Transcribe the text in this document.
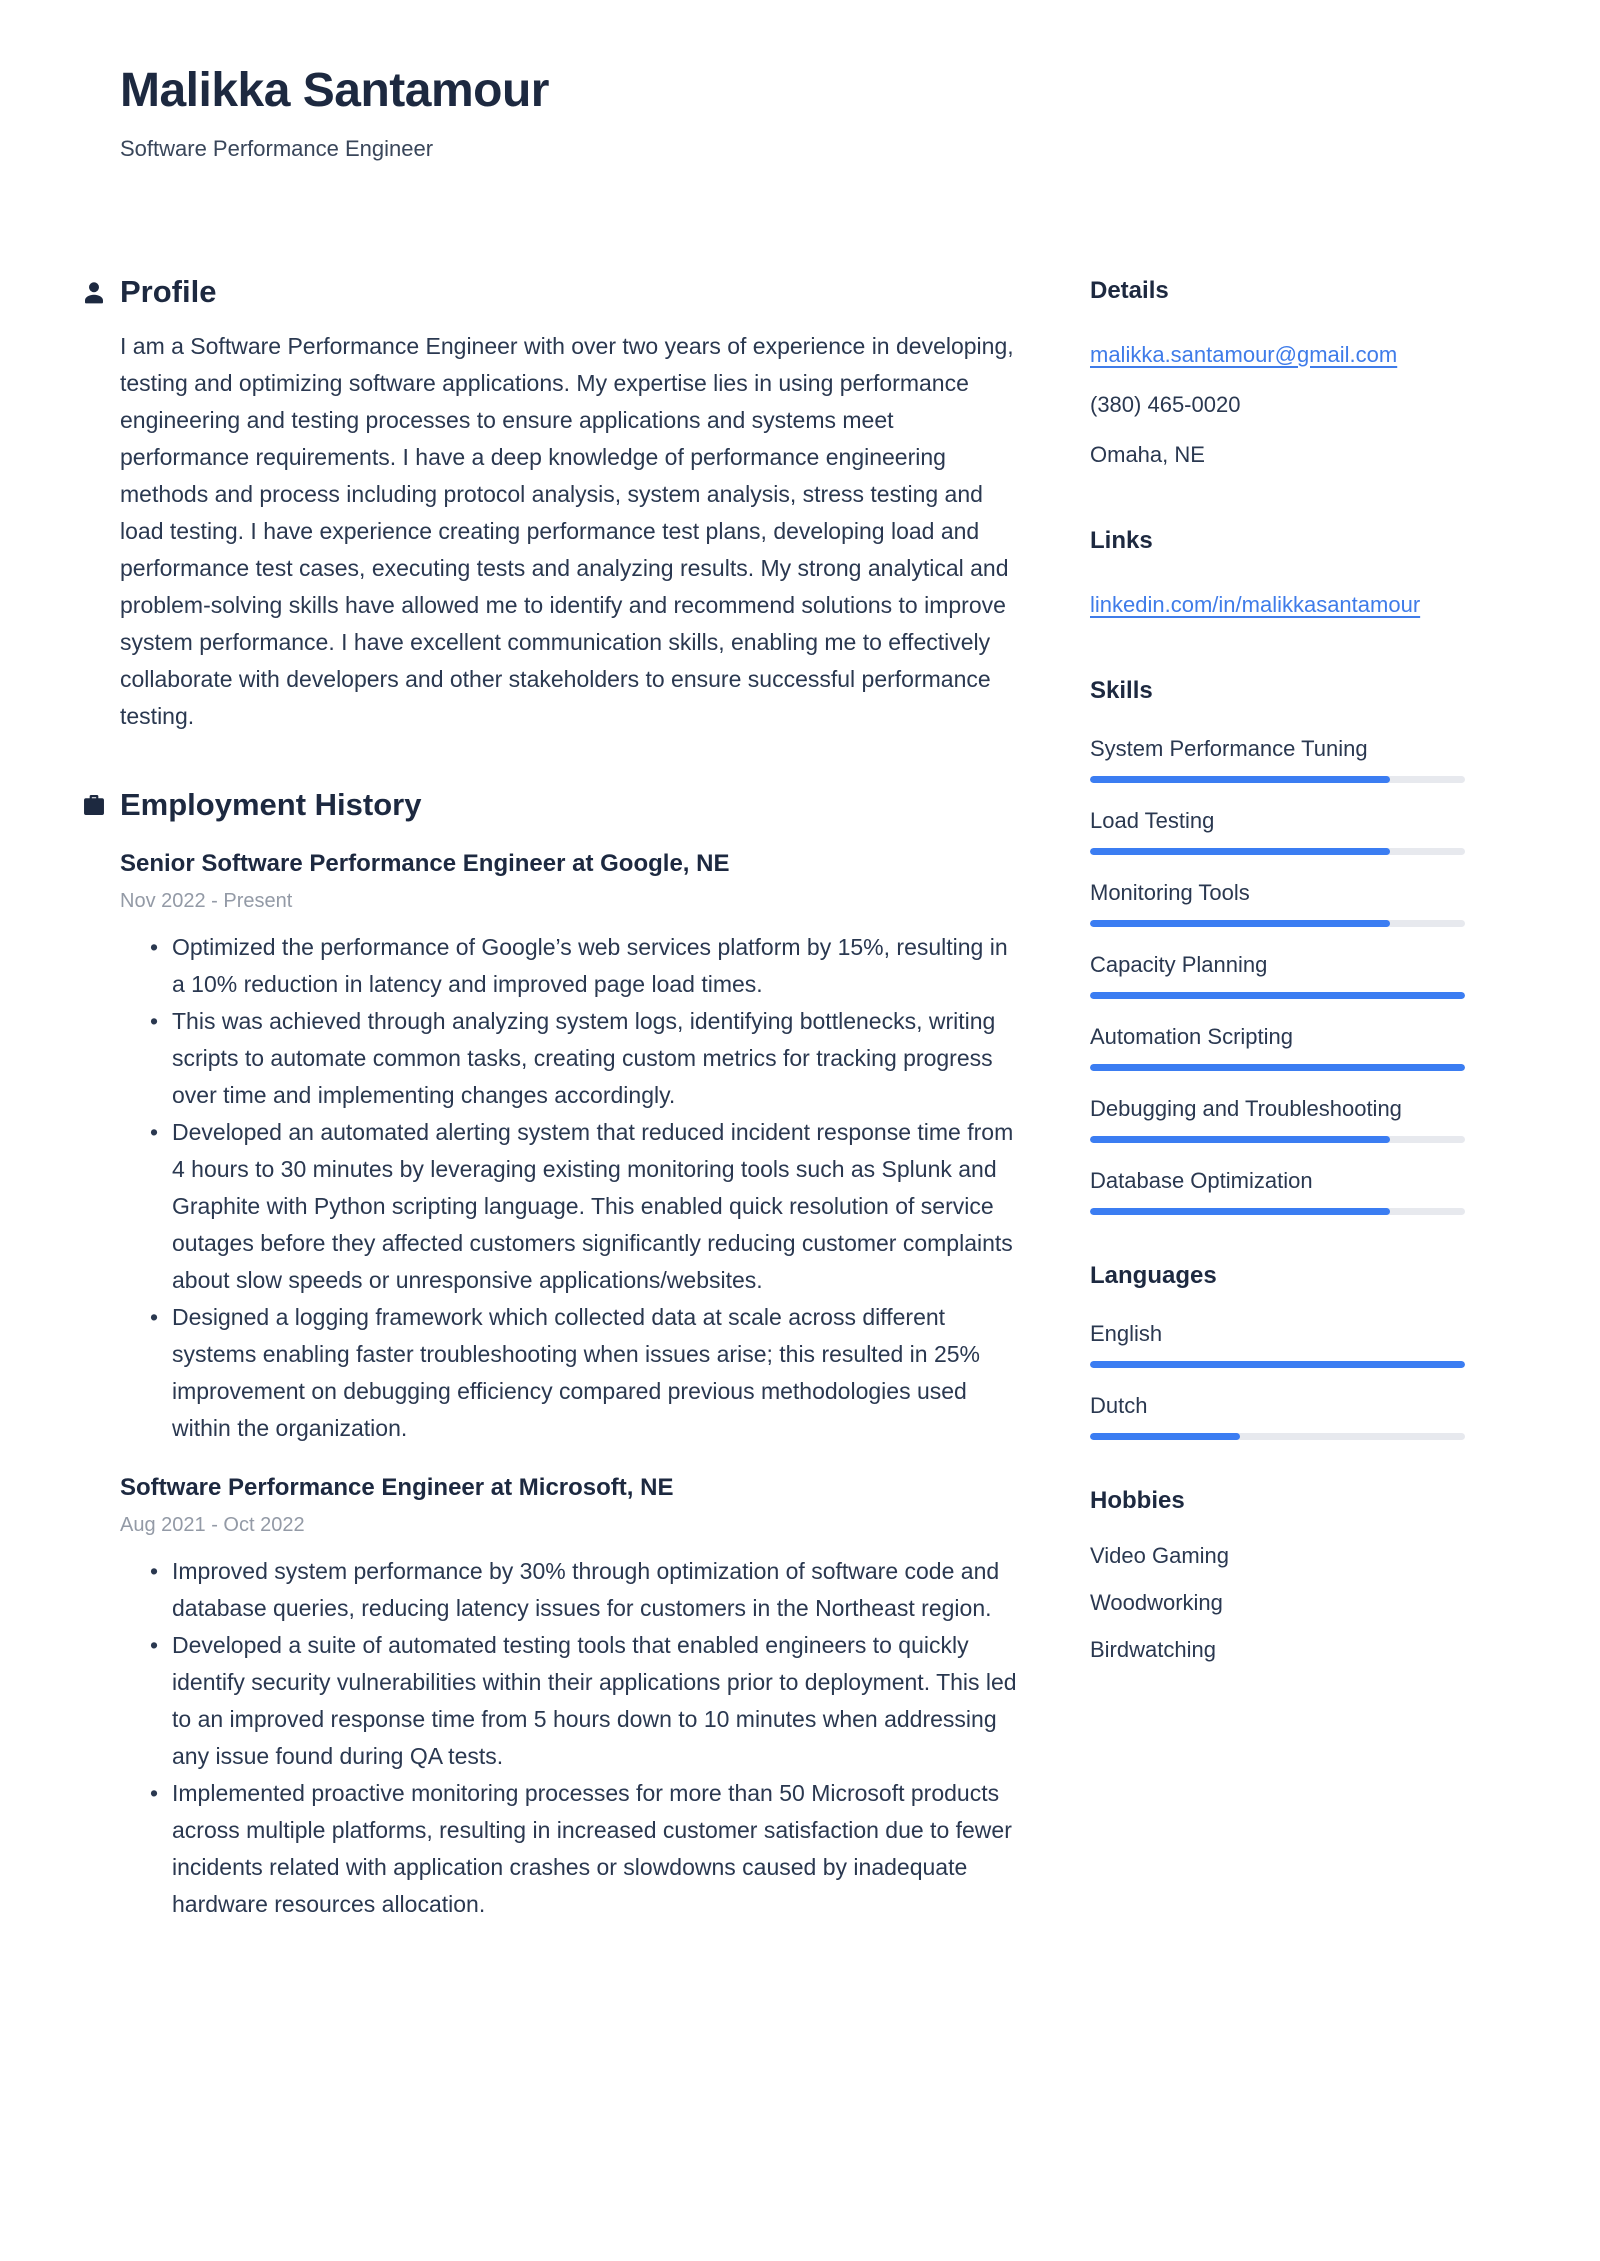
Malikka Santamour
Software Performance Engineer
Profile

I am a Software Performance Engineer with over two years of experience in developing, testing and optimizing software applications. My expertise lies in using performance engineering and testing processes to ensure applications and systems meet performance requirements. I have a deep knowledge of performance engineering methods and process including protocol analysis, system analysis, stress testing and load testing. I have experience creating performance test plans, developing load and performance test cases, executing tests and analyzing results. My strong analytical and problem-solving skills have allowed me to identify and recommend solutions to improve system performance. I have excellent communication skills, enabling me to effectively collaborate with developers and other stakeholders to ensure successful performance testing.

Employment History
Senior Software Performance Engineer at Google, NE
Nov 2022 - Present
• Optimized the performance of Google’s web services platform by 15%, resulting in a 10% reduction in latency and improved page load times.
• This was achieved through analyzing system logs, identifying bottlenecks, writing scripts to automate common tasks, creating custom metrics for tracking progress over time and implementing changes accordingly.
• Developed an automated alerting system that reduced incident response time from 4 hours to 30 minutes by leveraging existing monitoring tools such as Splunk and Graphite with Python scripting language. This enabled quick resolution of service outages before they affected customers significantly reducing customer complaints about slow speeds or unresponsive applications/websites.
• Designed a logging framework which collected data at scale across different systems enabling faster troubleshooting when issues arise; this resulted in 25% improvement on debugging efficiency compared previous methodologies used within the organization.
Software Performance Engineer at Microsoft, NE
Aug 2021 - Oct 2022
• Improved system performance by 30% through optimization of software code and database queries, reducing latency issues for customers in the Northeast region.
• Developed a suite of automated testing tools that enabled engineers to quickly identify security vulnerabilities within their applications prior to deployment. This led to an improved response time from 5 hours down to 10 minutes when addressing any issue found during QA tests.
• Implemented proactive monitoring processes for more than 50 Microsoft products across multiple platforms, resulting in increased customer satisfaction due to fewer incidents related with application crashes or slowdowns caused by inadequate hardware resources allocation.
Details
malikka.santamour@gmail.com
(380) 465-0020
Omaha, NE
Links
linkedin.com/in/malikkasantamour
Skills
System Performance Tuning
Load Testing
Monitoring Tools
Capacity Planning
Automation Scripting
Debugging and Troubleshooting
Database Optimization
Languages
English
Dutch
Hobbies
Video Gaming
Woodworking
Birdwatching
